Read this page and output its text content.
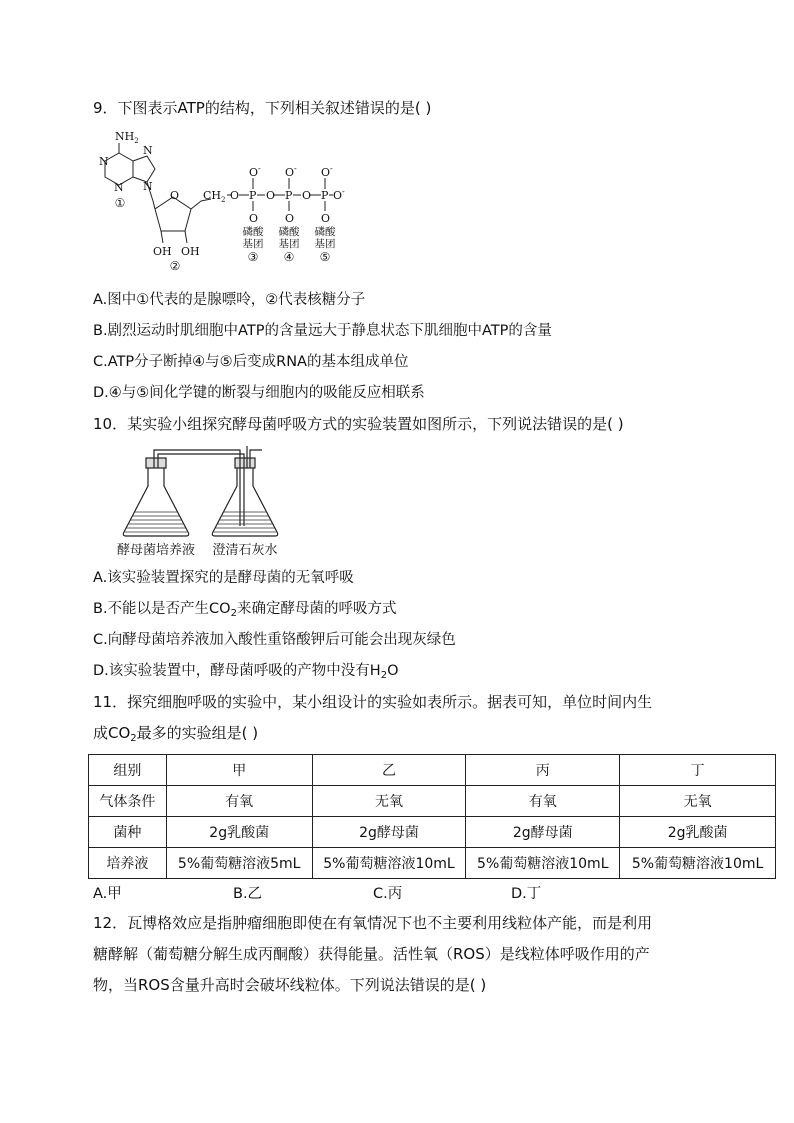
9．下图表示ATP的结构，下列相关叙述错误的是( )
$NH_2$
N
N
N
N
O $CH_2$ O P O P O P O-
O- O- O-
O O O
OH OH
磷酸
基团
磷酸
基团
磷酸
基团
①
②
③ ④ ⑤
A.图中①代表的是腺嘌呤，②代表核糖分子
B.剧烈运动时肌细胞中ATP的含量远大于静息状态下肌细胞中ATP的含量
C.ATP分子断掉④与⑤后变成RNA的基本组成单位
D.④与⑤间化学键的断裂与细胞内的吸能反应相联系
10．某实验小组探究酵母菌呼吸方式的实验装置如图所示，下列说法错误的是( )
酵母菌培养液 澄清石灰水
A.该实验装置探究的是酵母菌的无氧呼吸
B.不能以是否产生$CO_2$来确定酵母菌的呼吸方式
C.向酵母菌培养液加入酸性重铬酸钾后可能会出现灰绿色
D.该实验装置中，酵母菌呼吸的产物中没有$H_2O$
11．探究细胞呼吸的实验中，某小组设计的实验如表所示。据表可知，单位时间内生
成$CO_2$最多的实验组是( )
组别	甲	乙	丙	丁
气体条件	有氧	无氧	有氧	无氧
菌种	2g乳酸菌	2g酵母菌	2g酵母菌	2g乳酸菌
培养液	5%葡萄糖溶液5mL	5%葡萄糖溶液10mL	5%葡萄糖溶液10mL	5%葡萄糖溶液10mL
A.甲	B.乙	C.丙	D.丁
12．瓦博格效应是指肿瘤细胞即使在有氧情况下也不主要利用线粒体产能，而是利用
糖酵解（葡萄糖分解生成丙酮酸）获得能量。活性氧（ROS）是线粒体呼吸作用的产
物，当ROS含量升高时会破坏线粒体。下列说法错误的是( )
